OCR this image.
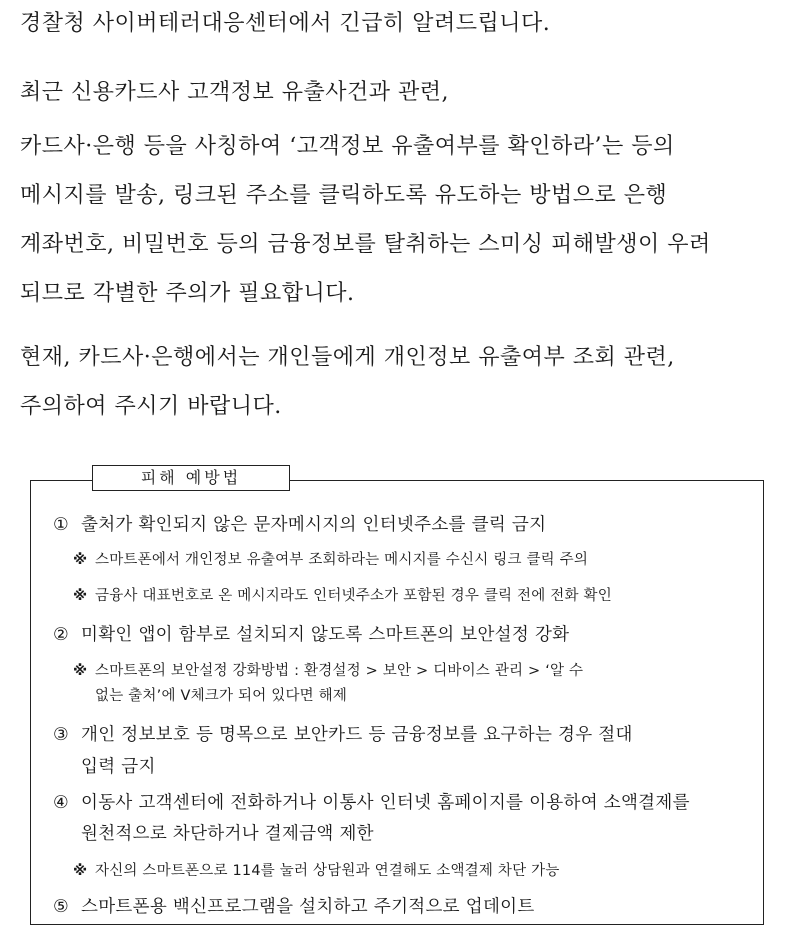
경찰청 사이버테러대응센터에서 긴급히 알려드립니다.

최근 신용카드사 고객정보 유출사건과 관련,

카드사·은행 등을 사칭하여 ‘고객정보 유출여부를 확인하라’는 등의
메시지를 발송, 링크된 주소를 클릭하도록 유도하는 방법으로 은행
계좌번호, 비밀번호 등의 금융정보를 탈취하는 스미싱 피해발생이 우려
되므로 각별한 주의가 필요합니다.

현재, 카드사·은행에서는 개인들에게 개인정보 유출여부 조회 관련,
주의하여 주시기 바랍니다.

① 출처가 확인되지 않은 문자메시지의 인터넷주소를 클릭 금지
※ 스마트폰에서 개인정보 유출여부 조회하라는 메시지를 수신시 링크 클릭 주의
※ 금융사 대표번호로 온 메시지라도 인터넷주소가 포함된 경우 클릭 전에 전화 확인
② 미확인 앱이 함부로 설치되지 않도록 스마트폰의 보안설정 강화
※ 스마트폰의 보안설정 강화방법 : 환경설정 > 보안 > 디바이스 관리 > ‘알 수
없는 출처’에 V체크가 되어 있다면 해제
③ 개인 정보보호 등 명목으로 보안카드 등 금융정보를 요구하는 경우 절대
입력 금지
④ 이동사 고객센터에 전화하거나 이통사 인터넷 홈페이지를 이용하여 소액결제를
원천적으로 차단하거나 결제금액 제한
※ 자신의 스마트폰으로 114를 눌러 상담원과 연결해도 소액결제 차단 가능
⑤ 스마트폰용 백신프로그램을 설치하고 주기적으로 업데이트
피해 예방법
